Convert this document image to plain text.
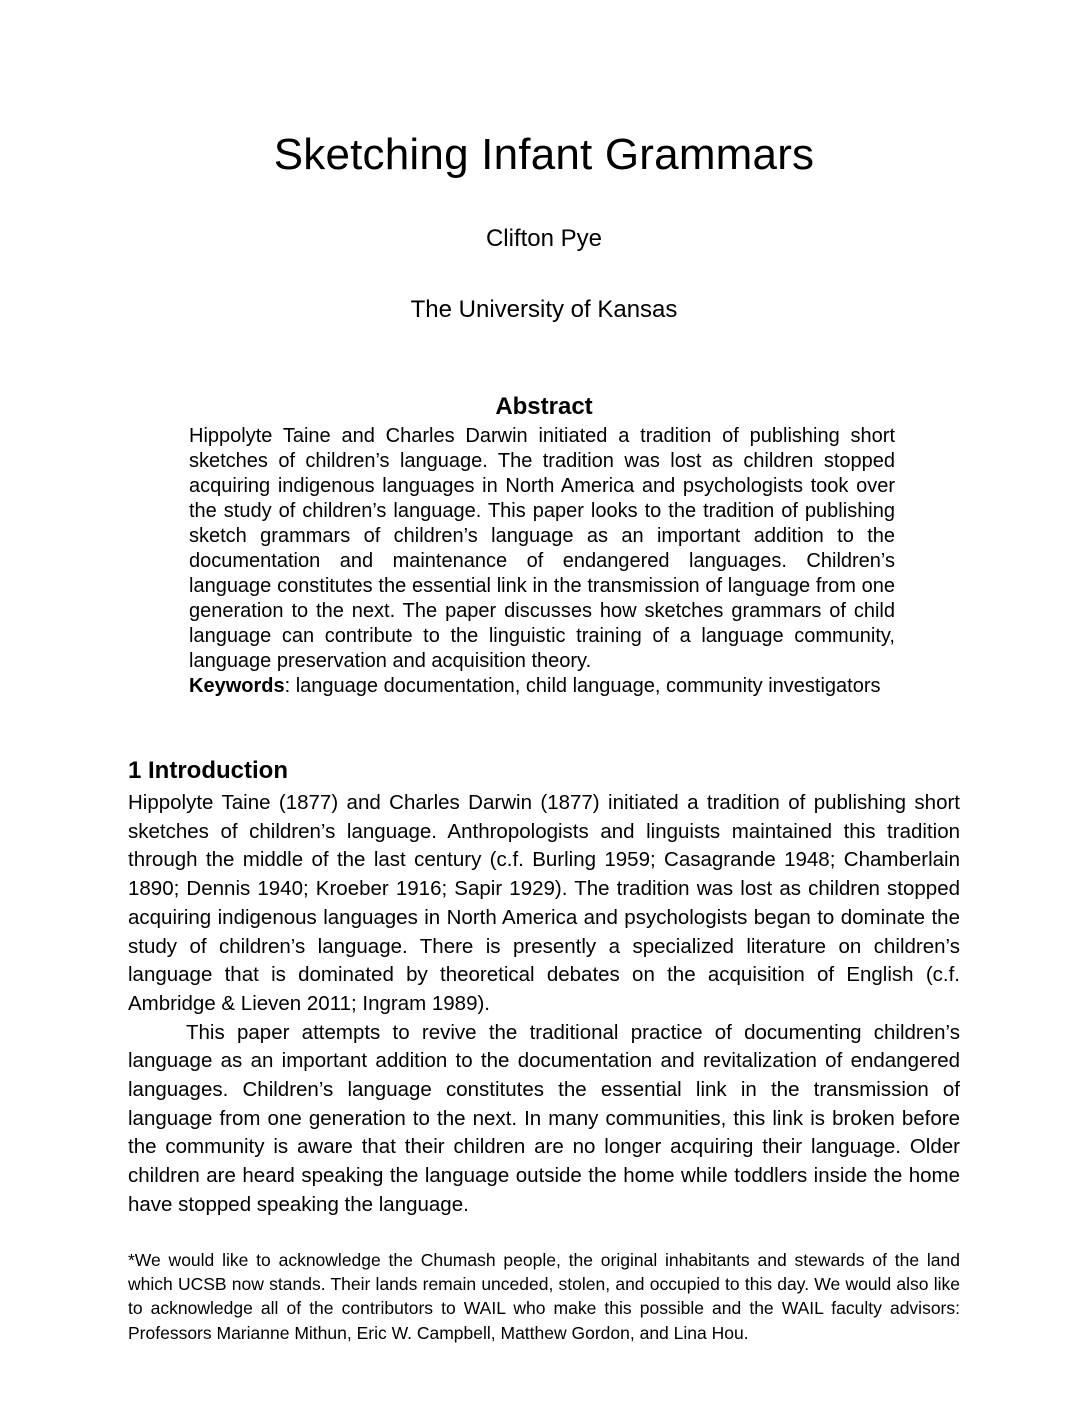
Sketching Infant Grammars

Clifton Pye

The University of Kansas

Abstract

Hippolyte Taine and Charles Darwin initiated a tradition of publishing short sketches of children’s language. The tradition was lost as children stopped acquiring indigenous languages in North America and psychologists took over the study of children’s language. This paper looks to the tradition of publishing sketch grammars of children’s language as an important addition to the documentation and maintenance of endangered languages. Children’s language constitutes the essential link in the transmission of language from one generation to the next. The paper discusses how sketches grammars of child language can contribute to the linguistic training of a language community, language preservation and acquisition theory.

Keywords: language documentation, child language, community investigators

1 Introduction

Hippolyte Taine (1877) and Charles Darwin (1877) initiated a tradition of publishing short sketches of children’s language. Anthropologists and linguists maintained this tradition through the middle of the last century (c.f. Burling 1959; Casagrande 1948; Chamberlain 1890; Dennis 1940; Kroeber 1916; Sapir 1929). The tradition was lost as children stopped acquiring indigenous languages in North America and psychologists began to dominate the study of children’s language. There is presently a specialized literature on children’s language that is dominated by theoretical debates on the acquisition of English (c.f. Ambridge & Lieven 2011; Ingram 1989).

This paper attempts to revive the traditional practice of documenting children’s language as an important addition to the documentation and revitalization of endangered languages. Children’s language constitutes the essential link in the transmission of language from one generation to the next. In many communities, this link is broken before the community is aware that their children are no longer acquiring their language. Older children are heard speaking the language outside the home while toddlers inside the home have stopped speaking the language.

*We would like to acknowledge the Chumash people, the original inhabitants and stewards of the land which UCSB now stands. Their lands remain unceded, stolen, and occupied to this day. We would also like to acknowledge all of the contributors to WAIL who make this possible and the WAIL faculty advisors: Professors Marianne Mithun, Eric W. Campbell, Matthew Gordon, and Lina Hou.
